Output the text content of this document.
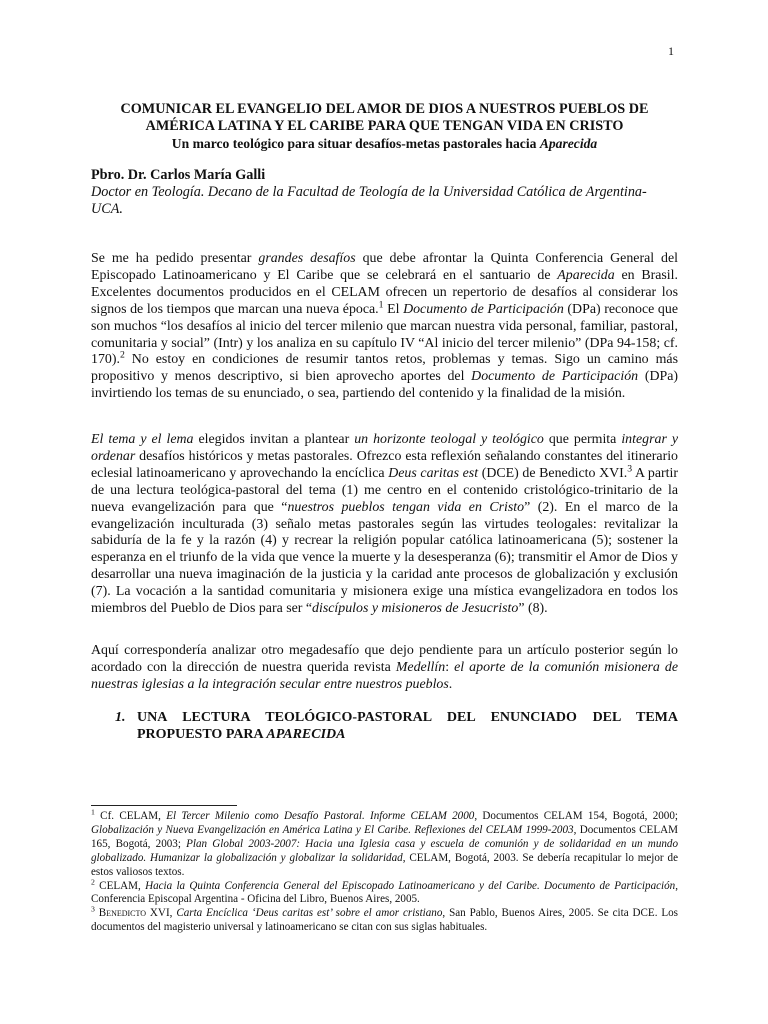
1
COMUNICAR EL EVANGELIO DEL AMOR DE DIOS A NUESTROS PUEBLOS DE
AMÉRICA LATINA Y EL CARIBE PARA QUE TENGAN VIDA EN CRISTO
Un marco teológico para situar desafíos-metas pastorales hacia Aparecida
Pbro. Dr. Carlos María Galli
Doctor en Teología. Decano de la Facultad de Teología de la Universidad Católica de Argentina- UCA.
Se me ha pedido presentar grandes desafíos que debe afrontar la Quinta Conferencia General del Episcopado Latinoamericano y El Caribe que se celebrará en el santuario de Aparecida en Brasil. Excelentes documentos producidos en el CELAM ofrecen un repertorio de desafíos al considerar los signos de los tiempos que marcan una nueva época.$^1$ El Documento de Participación (DPa) reconoce que son muchos “los desafíos al inicio del tercer milenio que marcan nuestra vida personal, familiar, pastoral, comunitaria y social” (Intr) y los analiza en su capítulo IV “Al inicio del tercer milenio” (DPa 94-158; cf. 170).$^2$ No estoy en condiciones de resumir tantos retos, problemas y temas. Sigo un camino más propositivo y menos descriptivo, si bien aprovecho aportes del Documento de Participación (DPa) invirtiendo los temas de su enunciado, o sea, partiendo del contenido y la finalidad de la misión.
El tema y el lema elegidos invitan a plantear un horizonte teologal y teológico que permita integrar y ordenar desafíos históricos y metas pastorales. Ofrezco esta reflexión señalando constantes del itinerario eclesial latinoamericano y aprovechando la encíclica Deus caritas est (DCE) de Benedicto XVI.$^3$ A partir de una lectura teológica-pastoral del tema (1) me centro en el contenido cristológico-trinitario de la nueva evangelización para que “nuestros pueblos tengan vida en Cristo” (2). En el marco de la evangelización inculturada (3) señalo metas pastorales según las virtudes teologales: revitalizar la sabiduría de la fe y la razón (4) y recrear la religión popular católica latinoamericana (5); sostener la esperanza en el triunfo de la vida que vence la muerte y la desesperanza (6); transmitir el Amor de Dios y desarrollar una nueva imaginación de la justicia y la caridad ante procesos de globalización y exclusión (7). La vocación a la santidad comunitaria y misionera exige una mística evangelizadora en todos los miembros del Pueblo de Dios para ser “discípulos y misioneros de Jesucristo” (8).
Aquí correspondería analizar otro megadesafío que dejo pendiente para un artículo posterior según lo acordado con la dirección de nuestra querida revista Medellín: el aporte de la comunión misionera de nuestras iglesias a la integración secular entre nuestros pueblos.
1. UNA LECTURA TEOLÓGICO-PASTORAL DEL ENUNCIADO DEL TEMA PROPUESTO PARA APARECIDA

$^1$ Cf. CELAM, El Tercer Milenio como Desafío Pastoral. Informe CELAM 2000, Documentos CELAM 154, Bogotá, 2000; Globalización y Nueva Evangelización en América Latina y El Caribe. Reflexiones del CELAM 1999-2003, Documentos CELAM 165, Bogotá, 2003; Plan Global 2003-2007: Hacia una Iglesia casa y escuela de comunión y de solidaridad en un mundo globalizado. Humanizar la globalización y globalizar la solidaridad, CELAM, Bogotá, 2003. Se debería recapitular lo mejor de estos valiosos textos.

$^2$ CELAM, Hacia la Quinta Conferencia General del Episcopado Latinoamericano y del Caribe. Documento de Participación, Conferencia Episcopal Argentina - Oficina del Libro, Buenos Aires, 2005.

$^3$ Benedicto XVI, Carta Encíclica ‘Deus caritas est’ sobre el amor cristiano, San Pablo, Buenos Aires, 2005. Se cita DCE. Los documentos del magisterio universal y latinoamericano se citan con sus siglas habituales.
